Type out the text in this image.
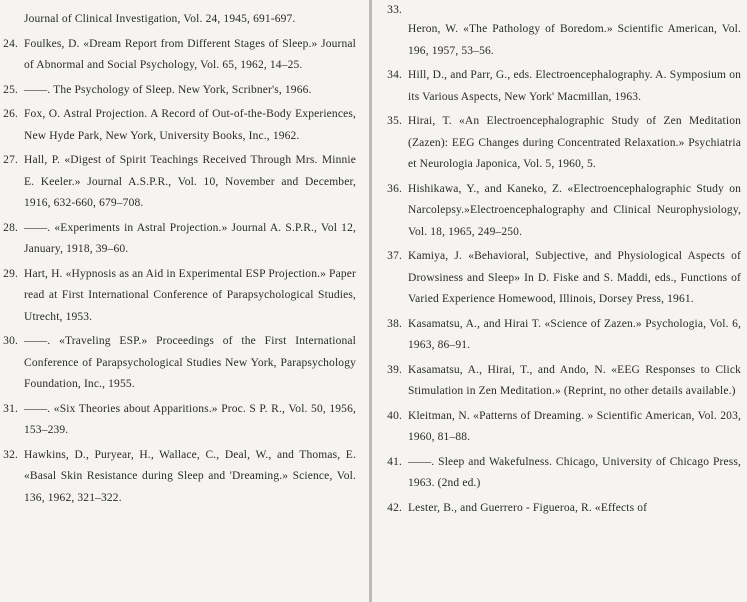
Journal of Clinical Investigation, Vol. 24, 1945, 691-697.
24. Foulkes, D. «Dream Report from Different Stages of Sleep.» Journal of Abnormal and Social Psychology, Vol. 65, 1962, 14–25.
25. ——. The Psychology of Sleep. New York, Scribner's, 1966.
26. Fox, O. Astral Projection. A Record of Out-of-the-Body Experiences, New Hyde Park, New York, University Books, Inc., 1962.
27. Hall, P. «Digest of Spirit Teachings Received Through Mrs. Minnie E. Keeler.» Journal A.S.P.R., Vol. 10, November and December, 1916, 632-660, 679–708.
28. ——. «Experiments in Astral Projection.» Journal A. S.P.R., Vol 12, January, 1918, 39–60.
29. Hart, H. «Hypnosis as an Aid in Experimental ESP Projection.» Paper read at First International Conference of Parapsychological Studies, Utrecht, 1953.
30. ——. «Traveling ESP.» Proceedings of the First International Conference of Parapsychological Studies New York, Parapsychology Foundation, Inc., 1955.
31. ——. «Six Theories about Apparitions.» Proc. S P. R., Vol. 50, 1956, 153–239.
32. Hawkins, D., Puryear, H., Wallace, C., Deal, W., and Thomas, E. «Basal Skin Resistance during Sleep and 'Dreaming.» Science, Vol. 136, 1962, 321–322.
33.
Heron, W. «The Pathology of Boredom.» Scientific American, Vol. 196, 1957, 53–56.
34. Hill, D., and Parr, G., eds. Electroencephalography. A. Symposium on its Various Aspects, New York' Macmillan, 1963.
35. Hirai, T. «An Electroencephalographic Study of Zen Meditation (Zazen): EEG Changes during Concentrated Relaxation.» Psychiatria et Neurologia Japonica, Vol. 5, 1960, 5.
36. Hishikawa, Y., and Kaneko, Z. «Electroencephalographic Study on Narcolepsy.»Electroencephalography and Clinical Neurophysiology, Vol. 18, 1965, 249–250.
37. Kamiya, J. «Behavioral, Subjective, and Physiological Aspects of Drowsiness and Sleep» In D. Fiske and S. Maddi, eds., Functions of Varied Experience Homewood, Illinois, Dorsey Press, 1961.
38. Kasamatsu, A., and Hirai T. «Science of Zazen.» Psychologia, Vol. 6, 1963, 86–91.
39. Kasamatsu, A., Hirai, T., and Ando, N. «EEG Responses to Click Stimulation in Zen Meditation.» (Reprint, no other details available.)
40. Kleitman, N. «Patterns of Dreaming. » Scientific American, Vol. 203, 1960, 81–88.
41. ——. Sleep and Wakefulness. Chicago, University of Chicago Press, 1963. (2nd ed.)
42. Lester, B., and Guerrero - Figueroa, R. «Effects of
